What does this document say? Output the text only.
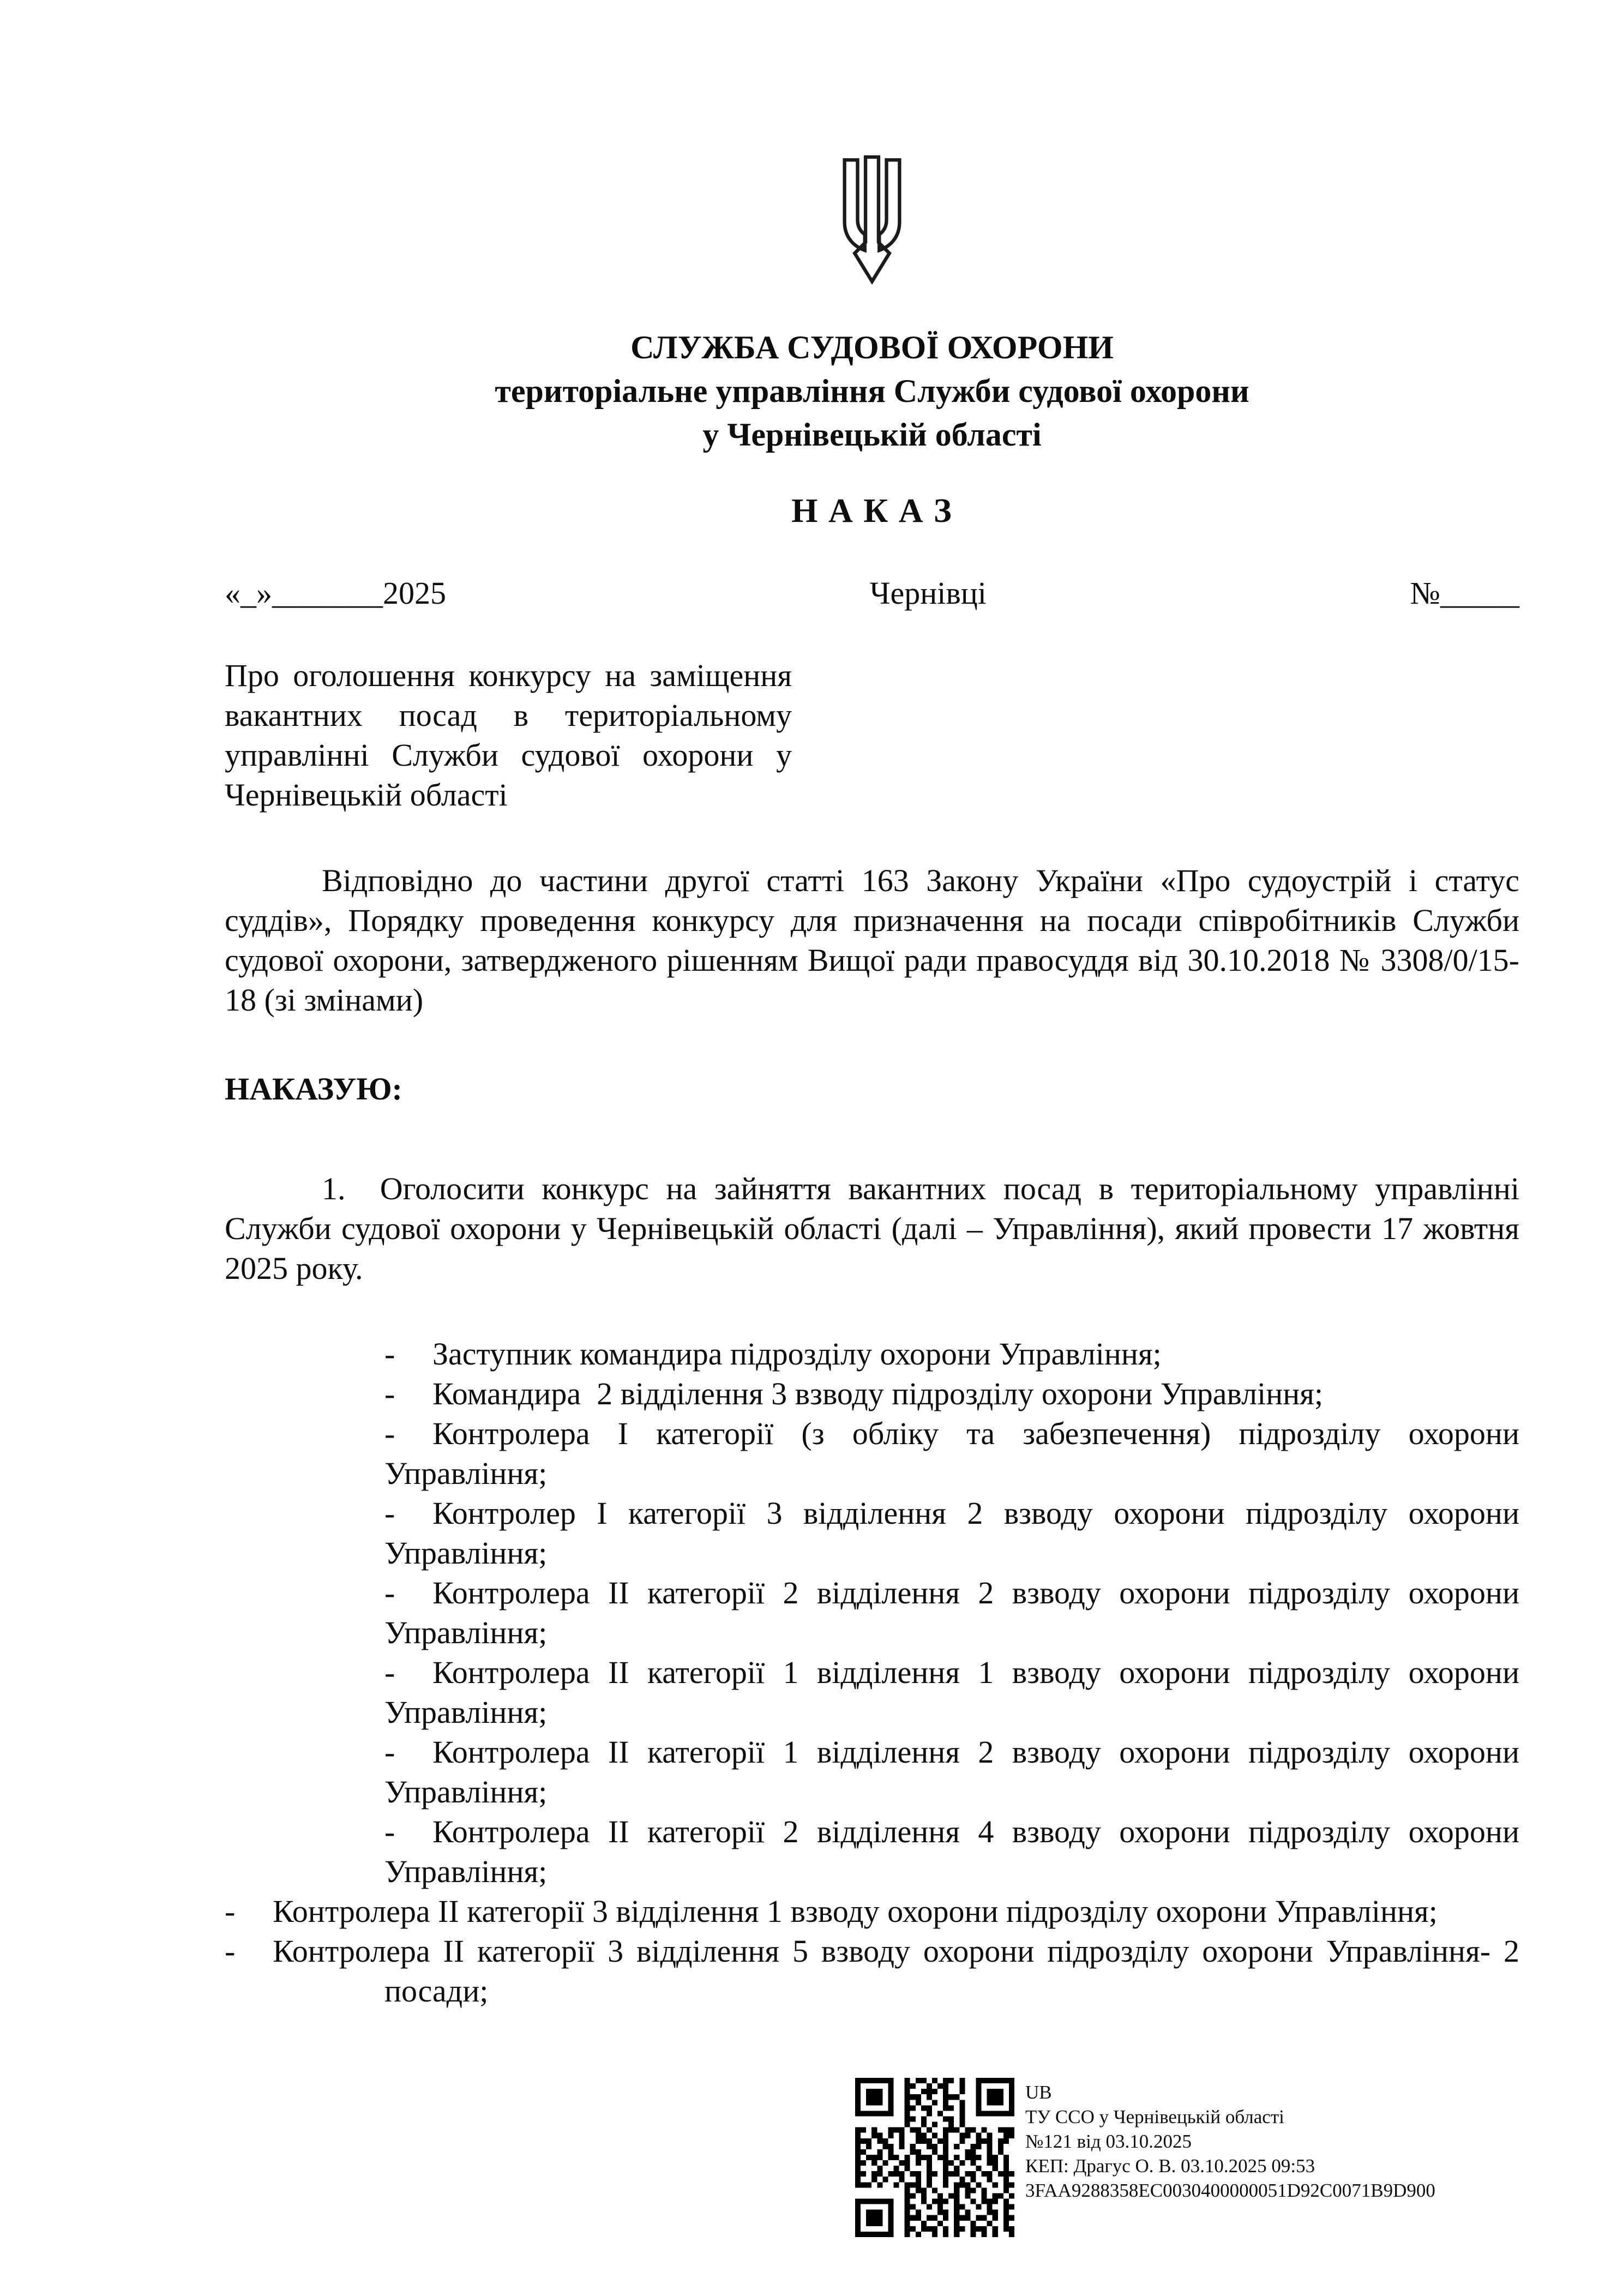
СЛУЖБА СУДОВОЇ ОХОРОНИ
територіальне управління Служби судової охорони
у Чернівецькій області
Н А К А З
«_»_______2025	Чернівці	№_____
Про оголошення конкурсу на заміщення вакантних посад в територіальному управлінні Служби судової охорони у Чернівецькій області
Відповідно до частини другої статті 163 Закону України «Про судоустрій і статус суддів», Порядку проведення конкурсу для призначення на посади співробітників Служби судової охорони, затвердженого рішенням Вищої ради правосуддя від 30.10.2018 № 3308/0/15-18 (зі змінами)
НАКАЗУЮ:
1.  Оголосити конкурс на зайняття вакантних посад в територіальному управлінні Служби судової охорони у Чернівецькій області (далі – Управління), який провести 17 жовтня 2025 року.
- Заступник командира підрозділу охорони Управління;
- Командира  2 відділення 3 взводу підрозділу охорони Управління;
- Контролера І категорії (з обліку та забезпечення) підрозділу охорони Управління;
- Контролер І категорії 3 відділення 2 взводу охорони підрозділу охорони Управління;
- Контролера ІІ категорії 2 відділення 2 взводу охорони підрозділу охорони Управління;
- Контролера ІІ категорії 1 відділення 1 взводу охорони підрозділу охорони Управління;
- Контролера ІІ категорії 1 відділення 2 взводу охорони підрозділу охорони Управління;
- Контролера ІІ категорії 2 відділення 4 взводу охорони підрозділу охорони Управління;
- Контролера ІІ категорії 3 відділення 1 взводу охорони підрозділу охорони Управління;
- Контролера ІІ категорії 3 відділення 5 взводу охорони підрозділу охорони Управління- 2 посади;
UB
ТУ ССО у Чернівецькій області
№121 від 03.10.2025
КЕП: Драгус О. В. 03.10.2025 09:53
3FAA9288358EC0030400000051D92C0071B9D900
